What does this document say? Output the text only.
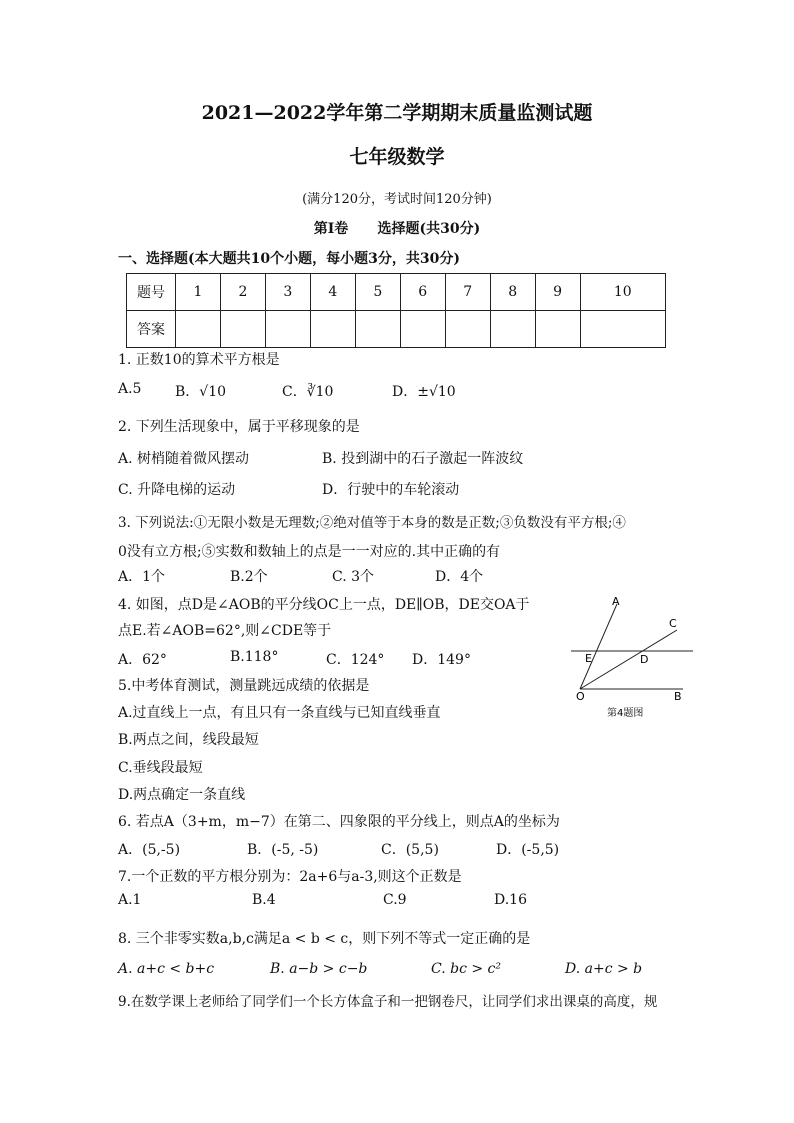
2021—2022学年第二学期期末质量监测试题
七年级数学
(满分120分，考试时间120分钟)
第Ⅰ卷      选择题(共30分)
一、选择题(本大题共10个小题，每小题3分，共30分)
题号	1	2	3	4	5	6	7	8	9	10
答案										
1. 正数10的算术平方根是
A.5 B．√10	C．∛10	D．±√10
2. 下列生活现象中，属于平移现象的是
A. 树梢随着微风摆动	B. 投到湖中的石子激起一阵波纹
C. 升降电梯的运动	D．行驶中的车轮滚动
3. 下列说法:①无限小数是无理数;②绝对值等于本身的数是正数;③负数没有平方根;④
0没有立方根;⑤实数和数轴上的点是一一对应的.其中正确的有
A．1个	B.2个	C. 3个	D．4个
4. 如图，点D是∠AOB的平分线OC上一点，DE∥OB，DE交OA于
点E.若∠AOB=62°,则∠CDE等于
A．62°	B.118°	C．124° D．149°
A
C
E	D
O	B
第4题图
5.中考体育测试，测量跳远成绩的依据是
A.过直线上一点，有且只有一条直线与已知直线垂直
B.两点之间，线段最短
C.垂线段最短
D.两点确定一条直线
6. 若点A（3+m，m−7）在第二、四象限的平分线上，则点A的坐标为
A．(5,-5)	B．(-5, -5)	C．(5,5)	D．(-5,5)
7.一个正数的平方根分别为：2a+6与a-3,则这个正数是
A.1	B.4	C.9	D.16
8. 三个非零实数a,b,c满足a < b < c，则下列不等式一定正确的是
A. a+c < b+c	B. a−b > c−b	C. bc > c²	D. a+c > b
9.在数学课上老师给了同学们一个长方体盒子和一把钢卷尺，让同学们求出课桌的高度，规
